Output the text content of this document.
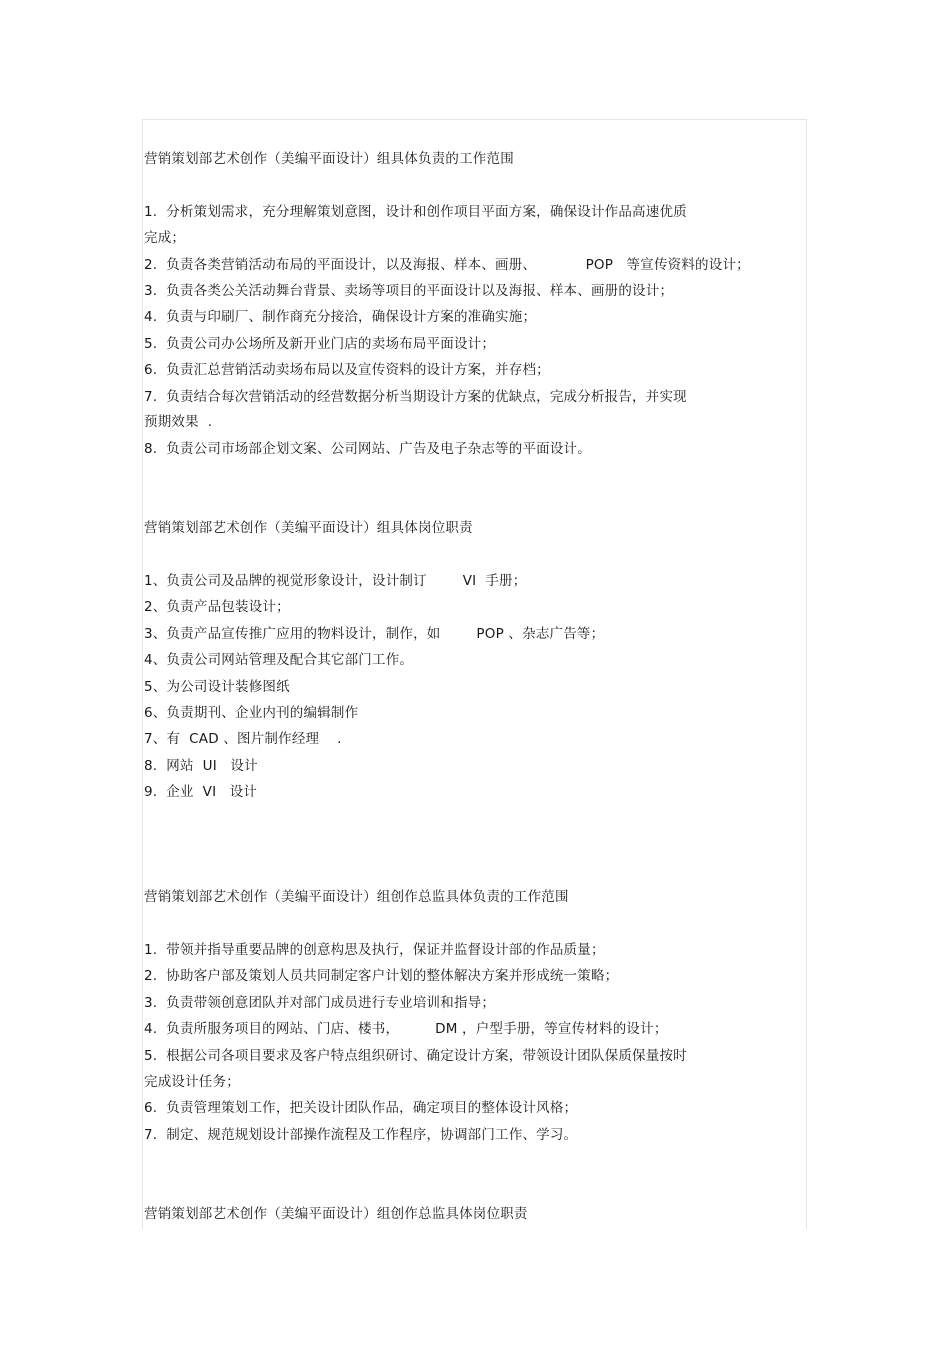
营销策划部艺术创作（美编平面设计）组具体负责的工作范围
1.  分析策划需求，充分理解策划意图，设计和创作项目平面方案，确保设计作品高速优质
完成；
2.  负责各类营销活动布局的平面设计，以及海报、样本、画册、           POP   等宣传资料的设计；
3.  负责各类公关活动舞台背景、卖场等项目的平面设计以及海报、样本、画册的设计；
4.  负责与印刷厂、制作商充分接洽，确保设计方案的准确实施；
5.  负责公司办公场所及新开业门店的卖场布局平面设计；
6.  负责汇总营销活动卖场布局以及宣传资料的设计方案，并存档；
7.  负责结合每次营销活动的经营数据分析当期设计方案的优缺点，完成分析报告，并实现
预期效果  .
8.  负责公司市场部企划文案、公司网站、广告及电子杂志等的平面设计。
营销策划部艺术创作（美编平面设计）组具体岗位职责
1、负责公司及品牌的视觉形象设计，设计制订        VI  手册；
2、负责产品包装设计；
3、负责产品宣传推广应用的物料设计，制作，如        POP 、杂志广告等；
4、负责公司网站管理及配合其它部门工作。
5、为公司设计装修图纸
6、负责期刊、企业内刊的编辑制作
7、有  CAD 、图片制作经理    .
8.  网站  UI   设计
9.  企业  VI   设计
营销策划部艺术创作（美编平面设计）组创作总监具体负责的工作范围
1.  带领并指导重要品牌的创意构思及执行，保证并监督设计部的作品质量；
2.  协助客户部及策划人员共同制定客户计划的整体解决方案并形成统一策略；
3.  负责带领创意团队并对部门成员进行专业培训和指导；
4.  负责所服务项目的网站、门店、楼书，        DM ，户型手册，等宣传材料的设计；
5.  根据公司各项目要求及客户特点组织研讨、确定设计方案，带领设计团队保质保量按时
完成设计任务；
6.  负责管理策划工作，把关设计团队作品，确定项目的整体设计风格；
7.  制定、规范规划设计部操作流程及工作程序，协调部门工作、学习。
营销策划部艺术创作（美编平面设计）组创作总监具体岗位职责
